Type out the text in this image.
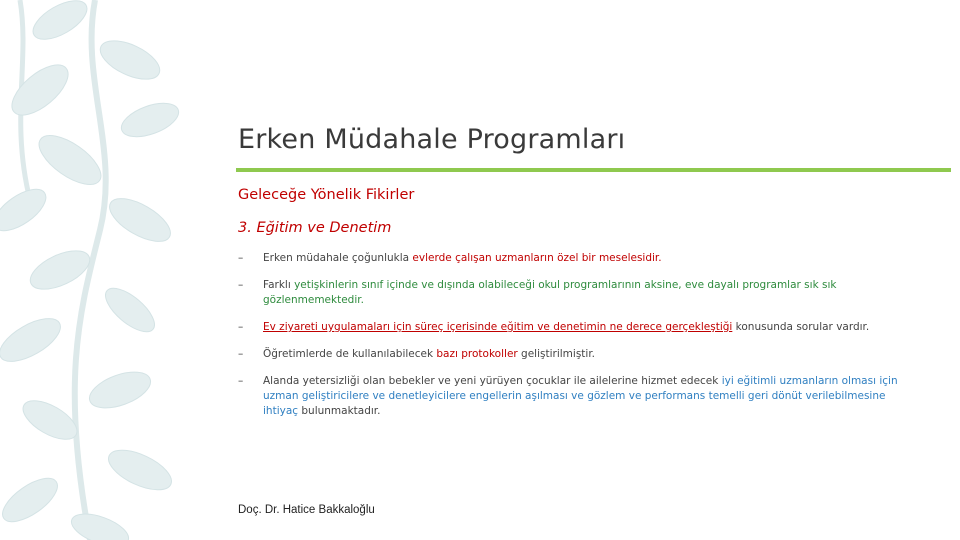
Erken Müdahale Programları
Geleceğe Yönelik Fikirler
3. Eğitim ve Denetim
– Erken müdahale çoğunlukla evlerde çalışan uzmanların özel bir meselesidir.
– Farklı yetişkinlerin sınıf içinde ve dışında olabileceği okul programlarının aksine, eve dayalı programlar sık sık gözlenmemektedir.
– Ev ziyareti uygulamaları için süreç içerisinde eğitim ve denetimin ne derece gerçekleştiği konusunda sorular vardır.
– Öğretimlerde de kullanılabilecek bazı protokoller geliştirilmiştir.
– Alanda yetersizliği olan bebekler ve yeni yürüyen çocuklar ile ailelerine hizmet edecek iyi eğitimli uzmanların olması için uzman geliştiricilere ve denetleyicilere engellerin aşılması ve gözlem ve performans temelli geri dönüt verilebilmesine ihtiyaç bulunmaktadır.
Doç. Dr. Hatice Bakkaloğlu
